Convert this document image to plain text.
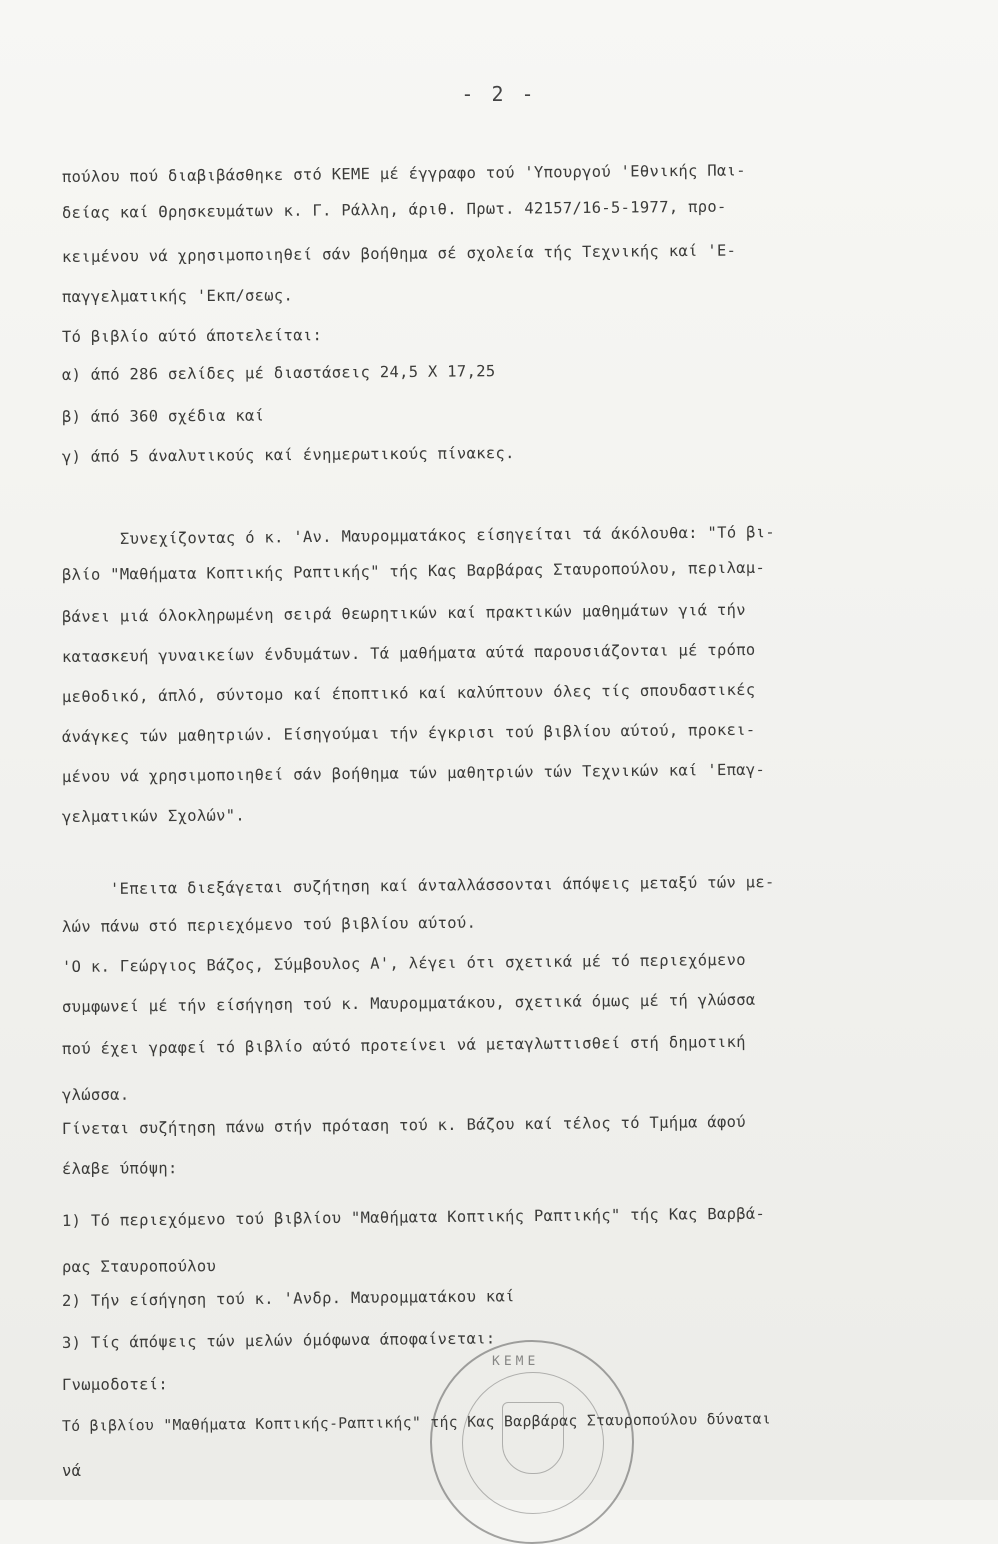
- 2 -
πούλου πού διαβιβάσθηκε στό ΚΕΜΕ μέ έγγραφο τού 'Υπουργού 'Εθνικής Παι-
δείας καί Θρησκευμάτων κ. Γ. Ράλλη, άριθ. Πρωτ. 42157/16-5-1977, προ-
κειμένου νά χρησιμοποιηθεί σάν βοήθημα σέ σχολεία τής Τεχνικής καί 'Ε-
παγγελματικής 'Εκπ/σεως.
Τό βιβλίο αύτό άποτελείται:
α) άπό 286 σελίδες μέ διαστάσεις 24,5 Χ 17,25
β) άπό 360 σχέδια καί
γ) άπό 5 άναλυτικούς καί ένημερωτικούς πίνακες.
Συνεχίζοντας ό κ. 'Αν. Μαυρομματάκος είσηγείται τά άκόλουθα: "Τό βι-
βλίο "Μαθήματα Κοπτικής Ραπτικής" τής Κας Βαρβάρας Σταυροπούλου, περιλαμ-
βάνει μιά όλοκληρωμένη σειρά θεωρητικών καί πρακτικών μαθημάτων γιά τήν
κατασκευή γυναικείων ένδυμάτων. Τά μαθήματα αύτά παρουσιάζονται μέ τρόπο
μεθοδικό, άπλό, σύντομο καί έποπτικό καί καλύπτουν όλες τίς σπουδαστικές
άνάγκες τών μαθητριών. Είσηγούμαι τήν έγκρισι τού βιβλίου αύτού, προκει-
μένου νά χρησιμοποιηθεί σάν βοήθημα τών μαθητριών τών Τεχνικών καί 'Επαγ-
γελματικών Σχολών".
'Επειτα διεξάγεται συζήτηση καί άνταλλάσσονται άπόψεις μεταξύ τών με-
λών πάνω στό περιεχόμενο τού βιβλίου αύτού.
'Ο κ. Γεώργιος Βάζος, Σύμβουλος Α', λέγει ότι σχετικά μέ τό περιεχόμενο
συμφωνεί μέ τήν είσήγηση τού κ. Μαυρομματάκου, σχετικά όμως μέ τή γλώσσα
πού έχει γραφεί τό βιβλίο αύτό προτείνει νά μεταγλωττισθεί στή δημοτική
γλώσσα.
Γίνεται συζήτηση πάνω στήν πρόταση τού κ. Βάζου καί τέλος τό Τμήμα άφού
έλαβε ύπόψη:
1) Τό περιεχόμενο τού βιβλίου "Μαθήματα Κοπτικής Ραπτικής" τής Κας Βαρβά-
ρας Σταυροπούλου
2) Τήν είσήγηση τού κ. 'Ανδρ. Μαυρομματάκου καί
3) Τίς άπόψεις τών μελών όμόφωνα άποφαίνεται:
Γνωμοδοτεί:
Τό βιβλίου "Μαθήματα Κοπτικής-Ραπτικής" τής Κας Βαρβάρας Σταυροπούλου δύναται
νά
ΚΕΜΕ
